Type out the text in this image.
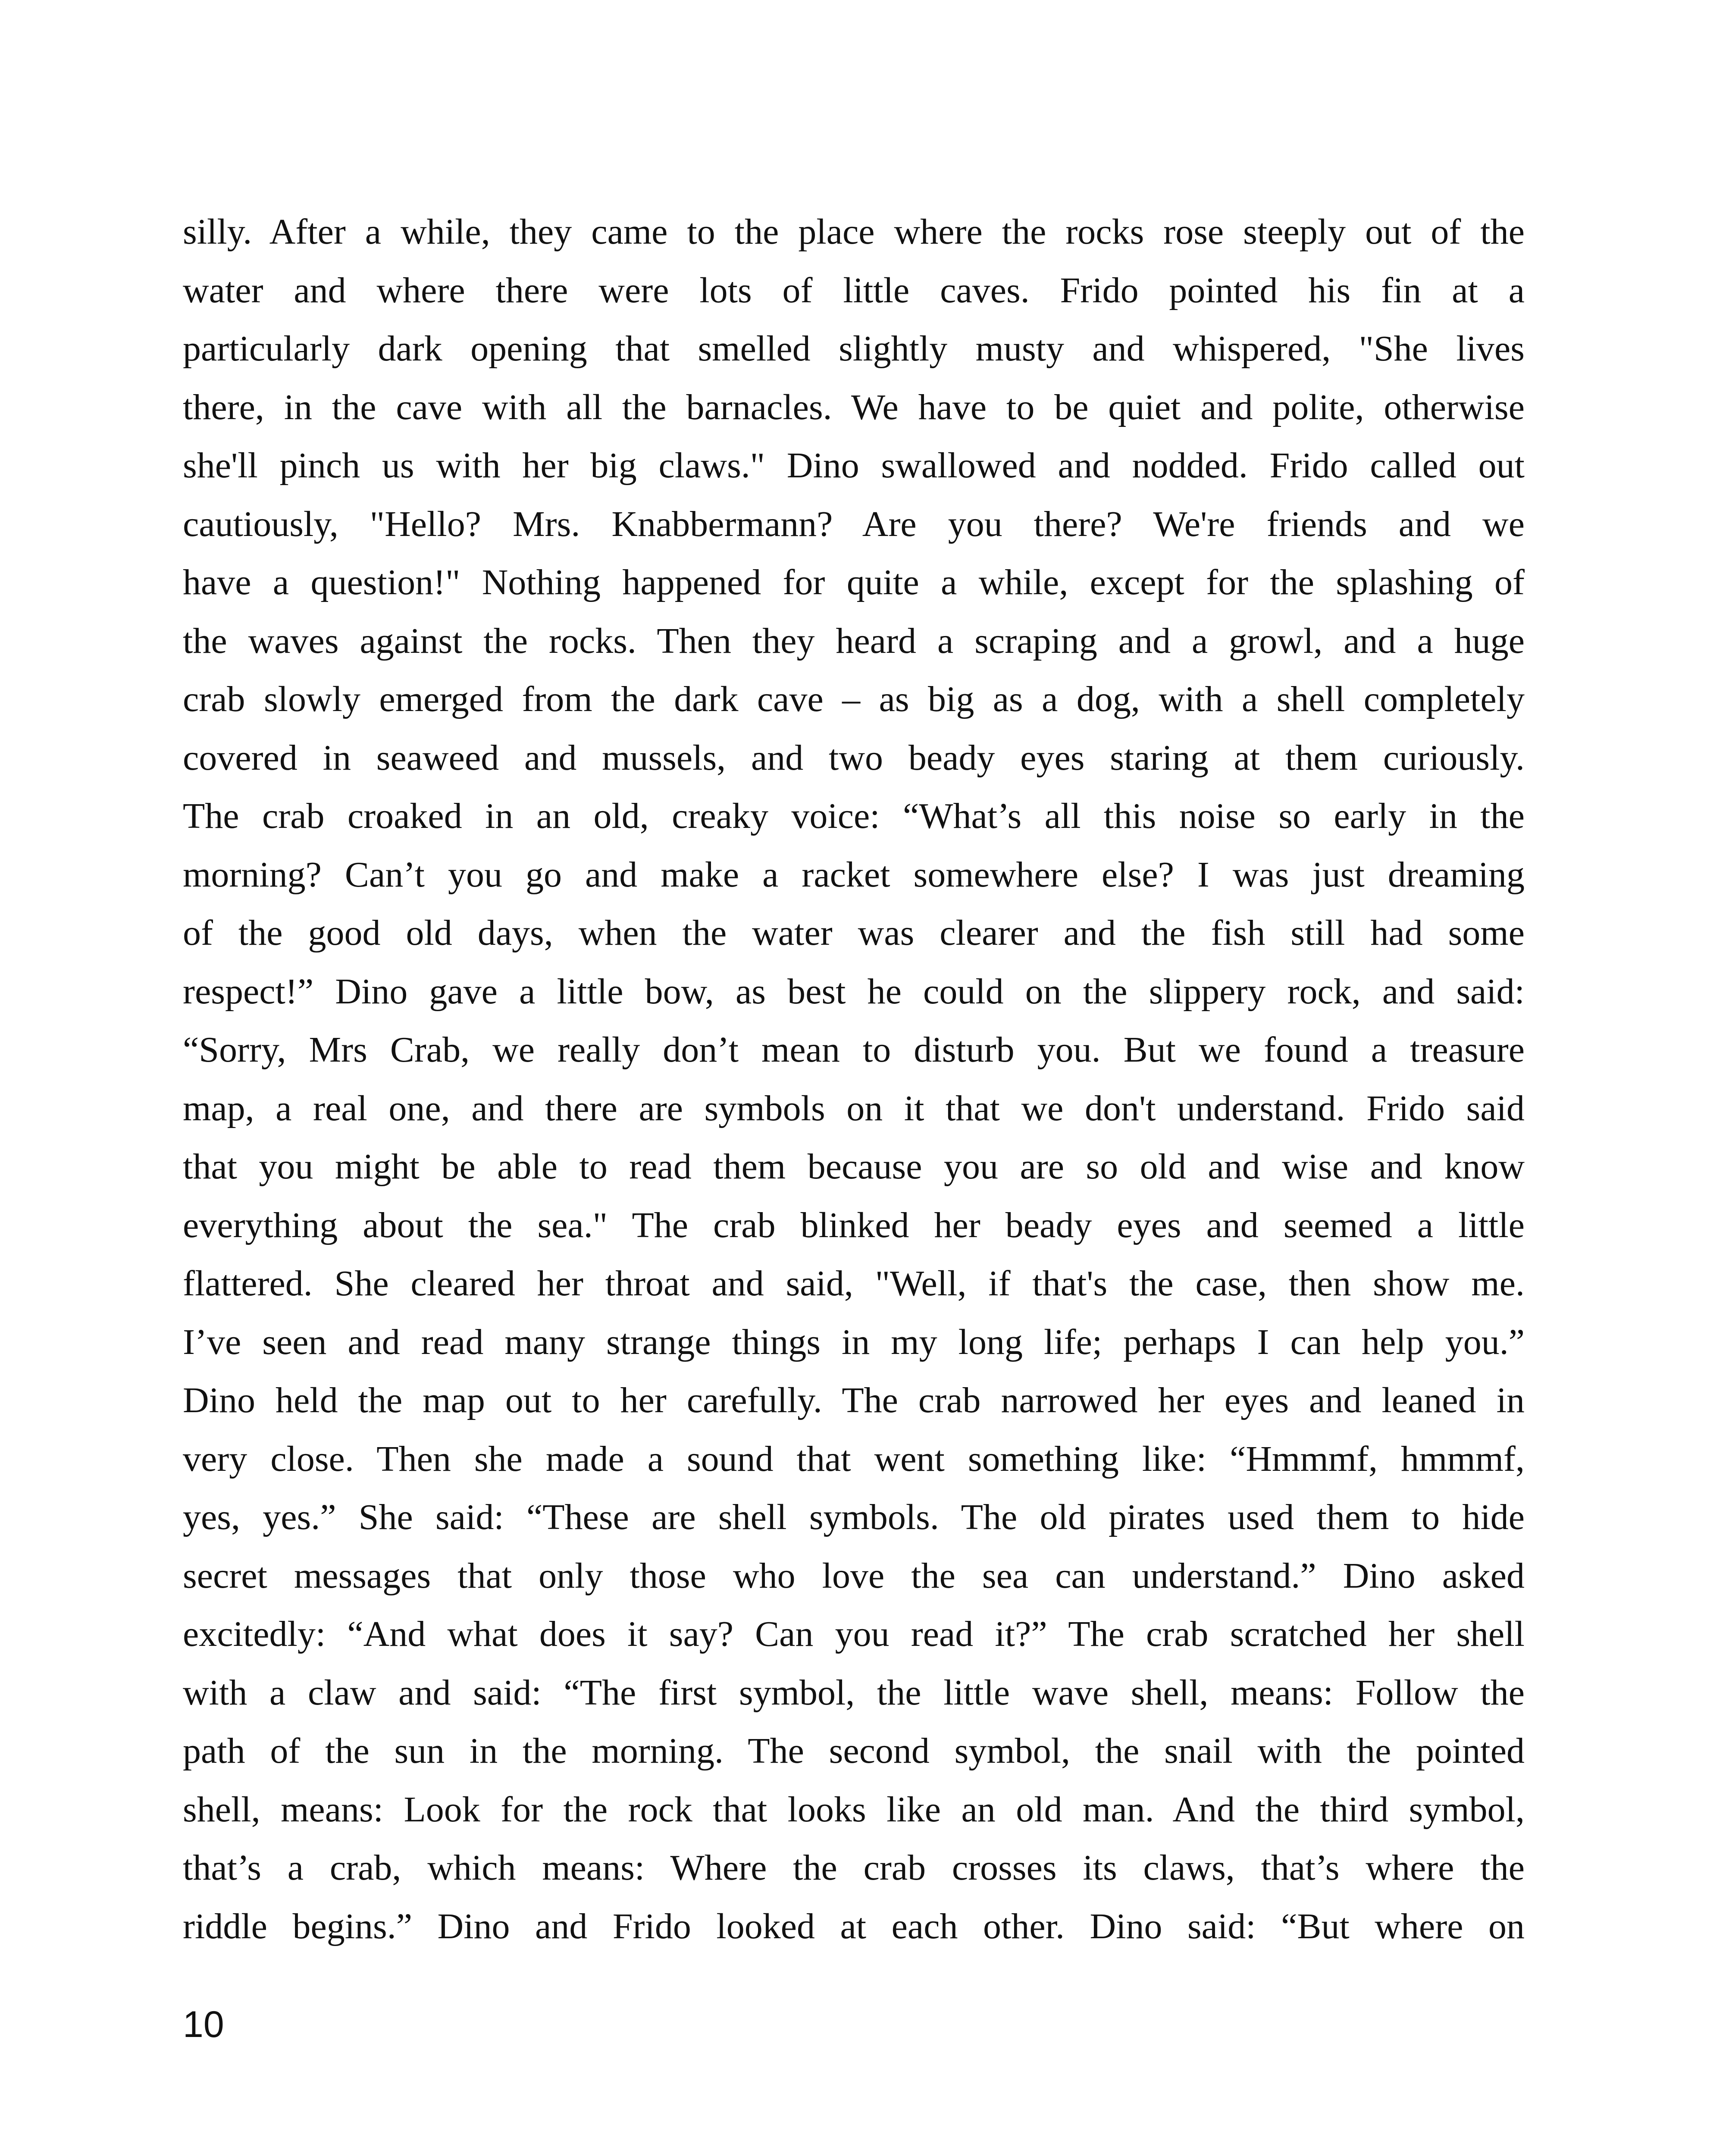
silly. After a while, they came to the place where the rocks rose steeply out of the
water and where there were lots of little caves. Frido pointed his fin at a
particularly dark opening that smelled slightly musty and whispered, "She lives
there, in the cave with all the barnacles. We have to be quiet and polite, otherwise
she'll pinch us with her big claws." Dino swallowed and nodded. Frido called out
cautiously, "Hello? Mrs. Knabbermann? Are you there? We're friends and we
have a question!" Nothing happened for quite a while, except for the splashing of
the waves against the rocks. Then they heard a scraping and a growl, and a huge
crab slowly emerged from the dark cave – as big as a dog, with a shell completely
covered in seaweed and mussels, and two beady eyes staring at them curiously.
The crab croaked in an old, creaky voice: “What’s all this noise so early in the
morning? Can’t you go and make a racket somewhere else? I was just dreaming
of the good old days, when the water was clearer and the fish still had some
respect!” Dino gave a little bow, as best he could on the slippery rock, and said:
“Sorry, Mrs Crab, we really don’t mean to disturb you. But we found a treasure
map, a real one, and there are symbols on it that we don't understand. Frido said
that you might be able to read them because you are so old and wise and know
everything about the sea." The crab blinked her beady eyes and seemed a little
flattered. She cleared her throat and said, "Well, if that's the case, then show me.
I’ve seen and read many strange things in my long life; perhaps I can help you.”
Dino held the map out to her carefully. The crab narrowed her eyes and leaned in
very close. Then she made a sound that went something like: “Hmmmf, hmmmf,
yes, yes.” She said: “These are shell symbols. The old pirates used them to hide
secret messages that only those who love the sea can understand.” Dino asked
excitedly: “And what does it say? Can you read it?” The crab scratched her shell
with a claw and said: “The first symbol, the little wave shell, means: Follow the
path of the sun in the morning. The second symbol, the snail with the pointed
shell, means: Look for the rock that looks like an old man. And the third symbol,
that’s a crab, which means: Where the crab crosses its claws, that’s where the
riddle begins.” Dino and Frido looked at each other. Dino said: “But where on
10
